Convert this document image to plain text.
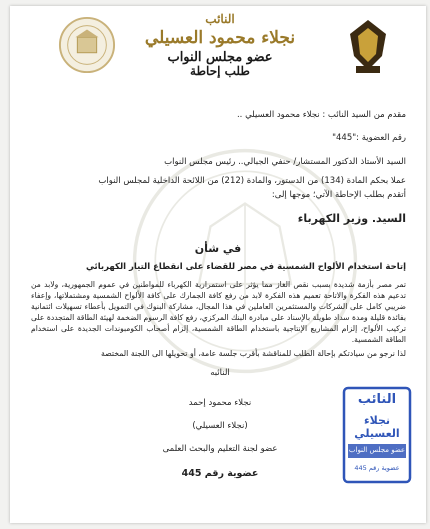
النائب
نجلاء محمود العسيلي
عضو مجلس النواب
طلب إحاطة
مقدم من السيد النائب : نجلاء محمود العسيلي ..
رقم العضوية :"445"
السيد الأستاذ الدكتور المستشار/ حنفي الجبالي.. رئيس مجلس النواب
عملا بحكم المادة (134) من الدستور، والمادة (212) من اللائحة الداخلية لمجلس النواب
أتقدم بطلب الإحاطة الآتي؛ موجها إلى:
السيد. وزير الكهرباء
في شأن
إتاحة استخدام الألواح الشمسية في مصر للقضاء على انقطاع التيار الكهربائي
تمر مصر بأزمة شديدة بسبب نقص الغاز مما يؤثر على استمرارية الكهرباء للمواطنين في عموم الجمهورية، ولابد من تدعيم هذه الفكرة والاتاحة تعميم هذه الفكرة لابد من رفع كافة الجمارك على كافة الألواح الشمسية ومشتملاتها، وإعفاء ضريبي كامل على الشركات والمستثمرين العاملين في هذا المجال، مشاركة البنوك في التمويل بأعطاء تسهيلات ائتمانية بفائدة قليلة ومدة سداد طويلة بالإسناد على مبادرة البنك المركزي، رفع كافة الرسوم الضخمة لهيئة الطاقة المتجددة على تركيب الألواح، إلزام المشاريع الإنتاجية باستخدام الطاقة الشمسية، إلزام أصحاب الكومبوندات الجديدة على استخدام الطاقة الشمسية.
لذا نرجو من سيادتكم بإحالة الطلب للمناقشة بأقرب جلسة عامة، أو تحويلها الى اللجنة المختصة
النائبه
نجلاء محمود إحمد
(نجلاء العسيلي)
عضو لجنة التعليم والبحث العلمى
عضوية رقم 445
النائب
نجلاء العسيلي
عضو مجلس النواب
عضوية رقم 445
